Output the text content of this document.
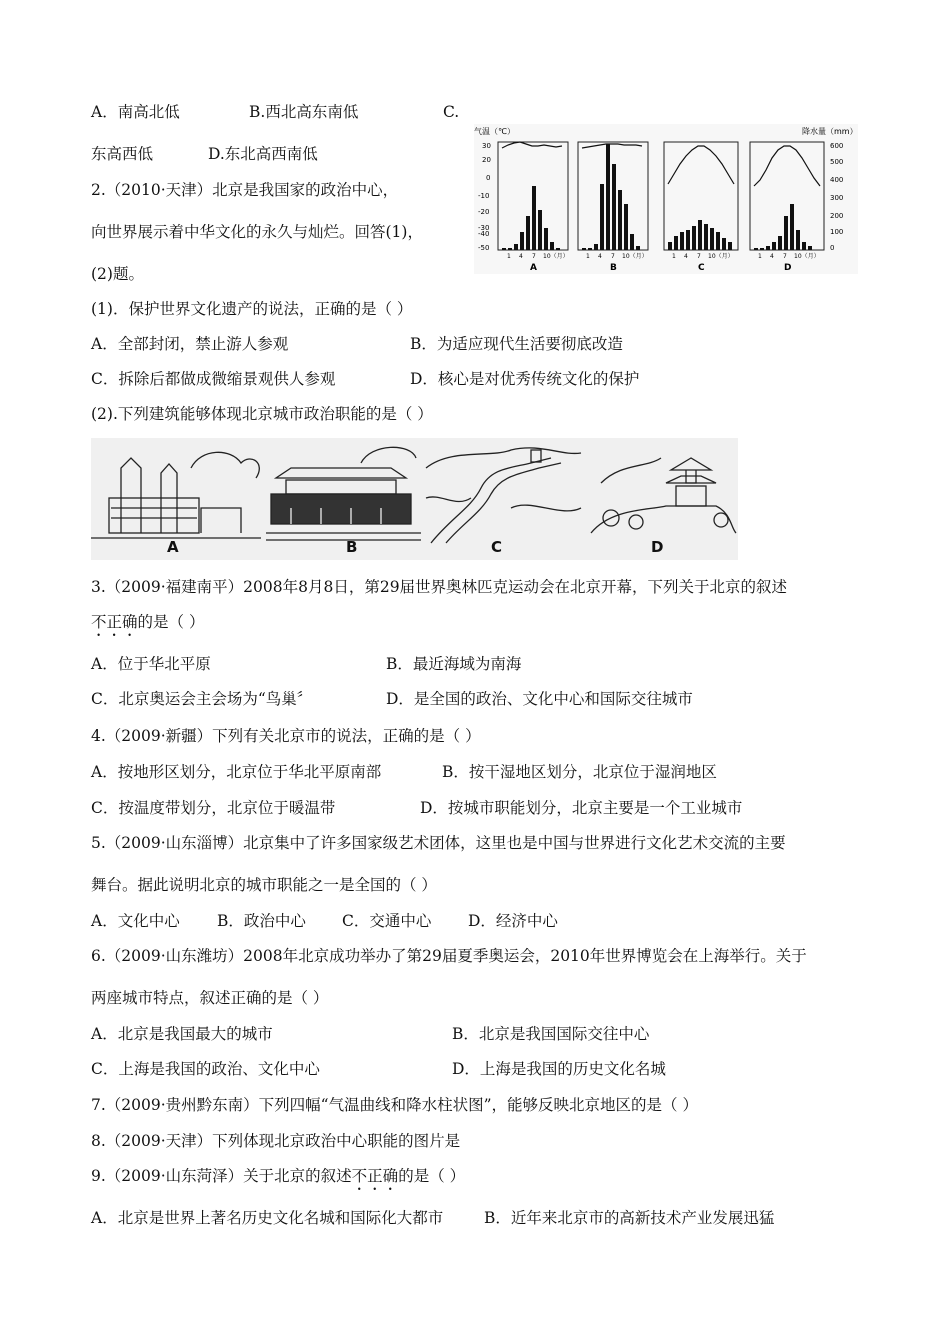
A．南高北低	B.西北高东南低	C.
东高西低	D.东北高西南低
气温（℃）	降水量（mm）
30
20
0
-10
-20
-30
-40
-50
600
500
400
300
200
100
0
1 4 7 10（月）
A
1 4 7 10（月）
B
1 4 7 10（月）
C
1 4 7 10（月）
D
2.（2010·天津）北京是我国家的政治中心，
向世界展示着中华文化的永久与灿烂。回答(1)，
(2)题。
(1)．保护世界文化遗产的说法，正确的是（ ）
A．全部封闭，禁止游人参观	B．为适应现代生活要彻底改造
C．拆除后都做成微缩景观供人参观	D．核心是对优秀传统文化的保护
(2).下列建筑能够体现北京城市政治职能的是（ ）
A	B	C	D
3.（2009·福建南平）2008年8月8日，第29届世界奥林匹克运动会在北京开幕，下列关于北京的叙述
不正确的是（ ）
A．位于华北平原	B．最近海域为南海
C．北京奥运会主会场为“鸟巢〞	D．是全国的政治、文化中心和国际交往城市
4.（2009·新疆）下列有关北京市的说法，正确的是（ ）
A．按地形区划分，北京位于华北平原南部	B．按干湿地区划分，北京位于湿润地区
C．按温度带划分，北京位于暖温带	D．按城市职能划分，北京主要是一个工业城市
5.（2009·山东淄博）北京集中了许多国家级艺术团体，这里也是中国与世界进行文化艺术交流的主要
舞台。据此说明北京的城市职能之一是全国的（ ）
A．文化中心 B．政治中心 C．交通中心 D．经济中心
6.（2009·山东潍坊）2008年北京成功举办了第29届夏季奥运会，2010年世界博览会在上海举行。关于
两座城市特点，叙述正确的是（ ）
A．北京是我国最大的城市	B．北京是我国国际交往中心
C．上海是我国的政治、文化中心	D．上海是我国的历史文化名城
7.（2009·贵州黔东南）下列四幅“气温曲线和降水柱状图”，能够反映北京地区的是（ ）
8.（2009·天津）下列体现北京政治中心职能的图片是
9.（2009·山东菏泽）关于北京的叙述不正确的是（ ）
A．北京是世界上著名历史文化名城和国际化大都市	B．近年来北京市的高新技术产业发展迅猛
